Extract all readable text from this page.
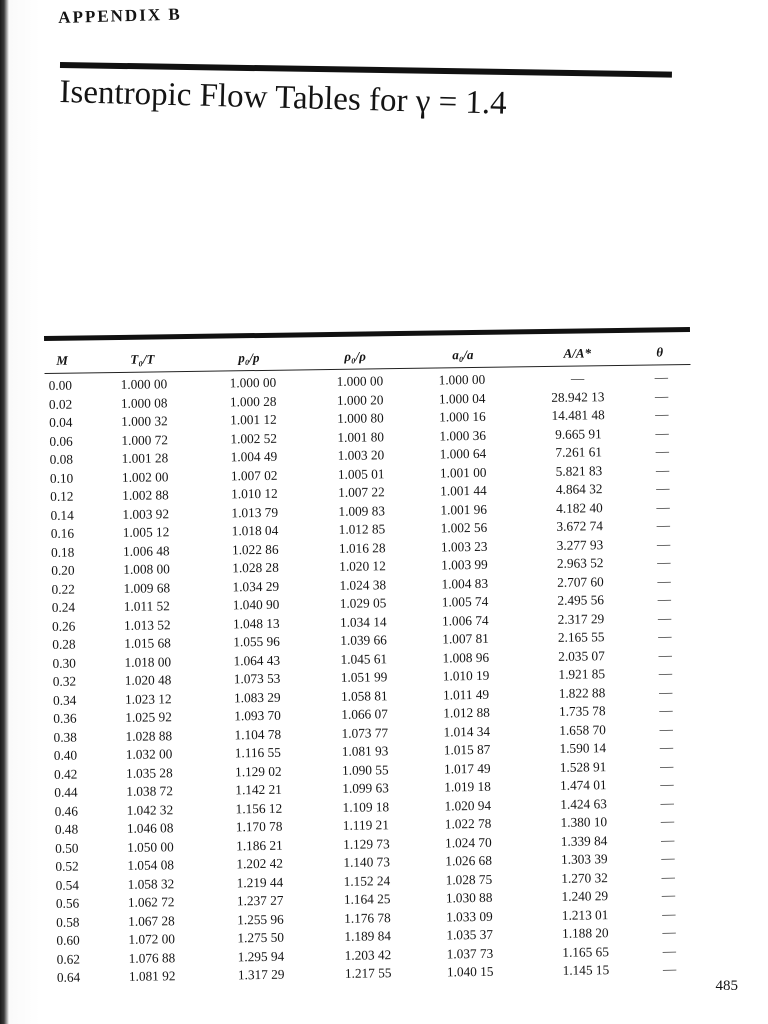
APPENDIX B
Isentropic Flow Tables for γ = 1.4
M	T₀/T	p₀/p	ρ₀/ρ	a₀/a	A/A*	θ
0.00	1.000 00	1.000 00	1.000 00	1.000 00	—	—
0.02	1.000 08	1.000 28	1.000 20	1.000 04	28.942 13	—
0.04	1.000 32	1.001 12	1.000 80	1.000 16	14.481 48	—
0.06	1.000 72	1.002 52	1.001 80	1.000 36	9.665 91	—
0.08	1.001 28	1.004 49	1.003 20	1.000 64	7.261 61	—
0.10	1.002 00	1.007 02	1.005 01	1.001 00	5.821 83	—
0.12	1.002 88	1.010 12	1.007 22	1.001 44	4.864 32	—
0.14	1.003 92	1.013 79	1.009 83	1.001 96	4.182 40	—
0.16	1.005 12	1.018 04	1.012 85	1.002 56	3.672 74	—
0.18	1.006 48	1.022 86	1.016 28	1.003 23	3.277 93	—
0.20	1.008 00	1.028 28	1.020 12	1.003 99	2.963 52	—
0.22	1.009 68	1.034 29	1.024 38	1.004 83	2.707 60	—
0.24	1.011 52	1.040 90	1.029 05	1.005 74	2.495 56	—
0.26	1.013 52	1.048 13	1.034 14	1.006 74	2.317 29	—
0.28	1.015 68	1.055 96	1.039 66	1.007 81	2.165 55	—
0.30	1.018 00	1.064 43	1.045 61	1.008 96	2.035 07	—
0.32	1.020 48	1.073 53	1.051 99	1.010 19	1.921 85	—
0.34	1.023 12	1.083 29	1.058 81	1.011 49	1.822 88	—
0.36	1.025 92	1.093 70	1.066 07	1.012 88	1.735 78	—
0.38	1.028 88	1.104 78	1.073 77	1.014 34	1.658 70	—
0.40	1.032 00	1.116 55	1.081 93	1.015 87	1.590 14	—
0.42	1.035 28	1.129 02	1.090 55	1.017 49	1.528 91	—
0.44	1.038 72	1.142 21	1.099 63	1.019 18	1.474 01	—
0.46	1.042 32	1.156 12	1.109 18	1.020 94	1.424 63	—
0.48	1.046 08	1.170 78	1.119 21	1.022 78	1.380 10	—
0.50	1.050 00	1.186 21	1.129 73	1.024 70	1.339 84	—
0.52	1.054 08	1.202 42	1.140 73	1.026 68	1.303 39	—
0.54	1.058 32	1.219 44	1.152 24	1.028 75	1.270 32	—
0.56	1.062 72	1.237 27	1.164 25	1.030 88	1.240 29	—
0.58	1.067 28	1.255 96	1.176 78	1.033 09	1.213 01	—
0.60	1.072 00	1.275 50	1.189 84	1.035 37	1.188 20	—
0.62	1.076 88	1.295 94	1.203 42	1.037 73	1.165 65	—
0.64	1.081 92	1.317 29	1.217 55	1.040 15	1.145 15	—
485
